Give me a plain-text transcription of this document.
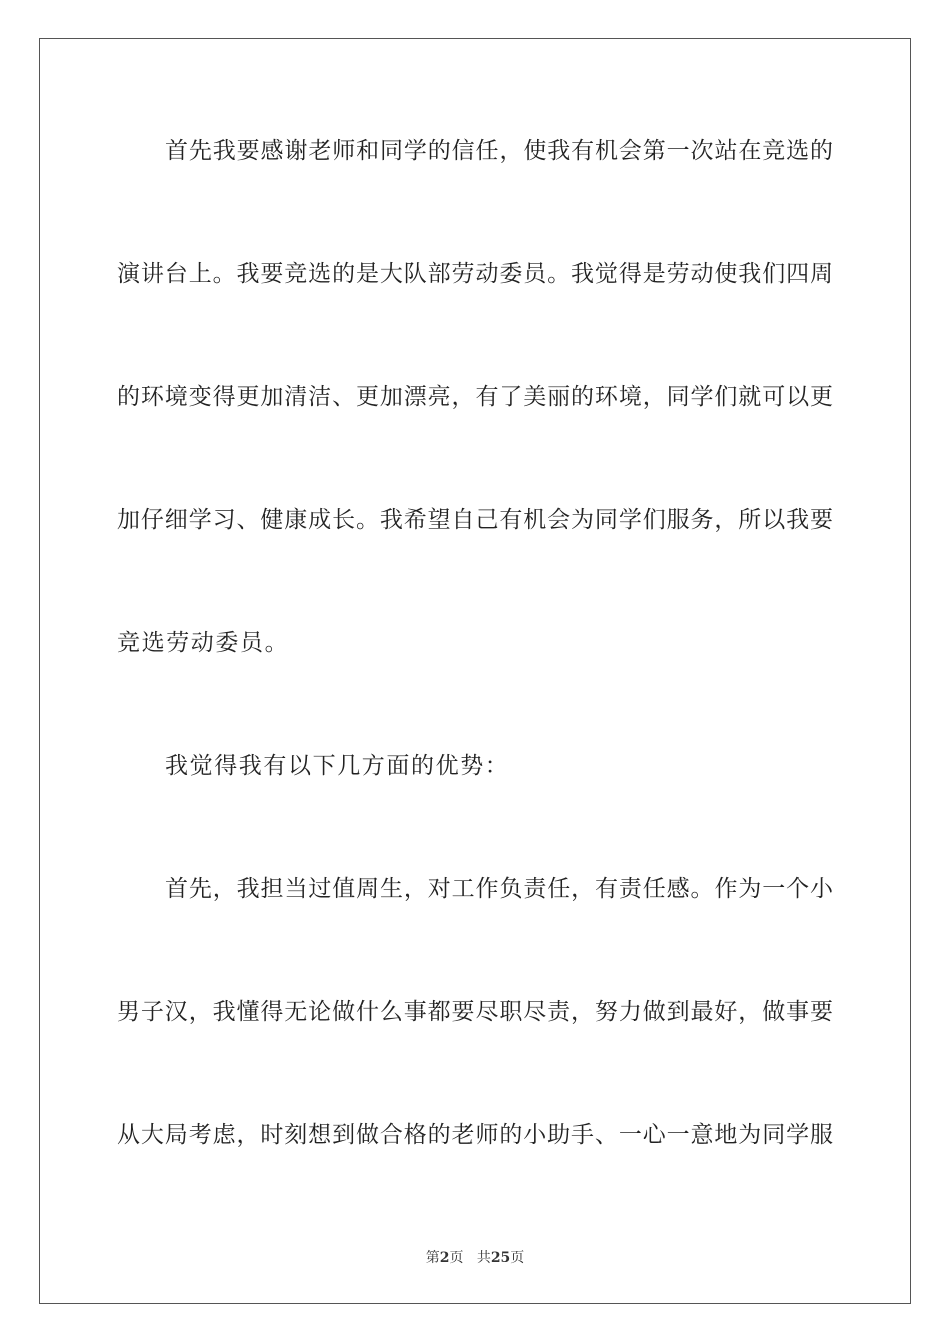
首先我要感谢老师和同学的信任，使我有机会第一次站在竞选的
演讲台上。我要竞选的是大队部劳动委员。我觉得是劳动使我们四周
的环境变得更加清洁、更加漂亮，有了美丽的环境，同学们就可以更
加仔细学习、健康成长。我希望自己有机会为同学们服务，所以我要
竞选劳动委员。
我觉得我有以下几方面的优势：
首先，我担当过值周生，对工作负责任，有责任感。作为一个小
男子汉，我懂得无论做什么事都要尽职尽责，努力做到最好，做事要
从大局考虑，时刻想到做合格的老师的小助手、一心一意地为同学服
第2页 共25页
